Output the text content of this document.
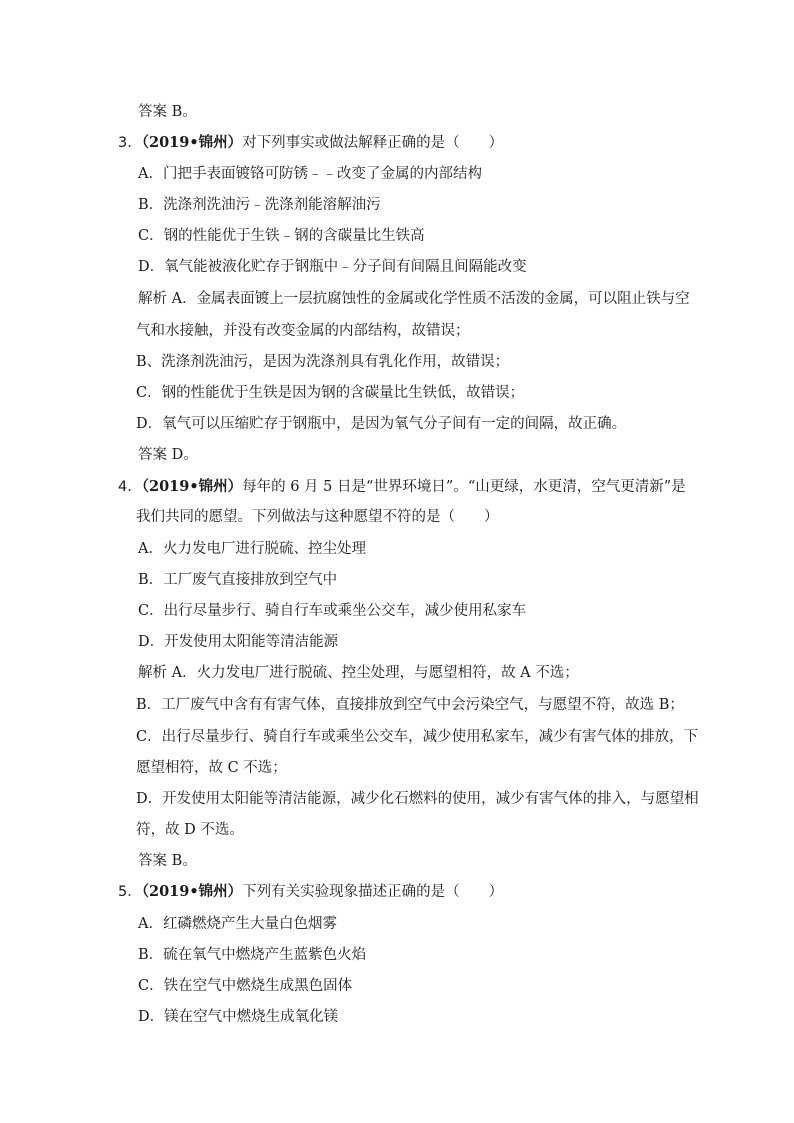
答案 B。
3．（2019•锦州）对下列事实或做法解释正确的是（　　）
A．门把手表面镀铬可防锈﹣﹣改变了金属的内部结构
B．洗涤剂洗油污﹣洗涤剂能溶解油污
C．钢的性能优于生铁﹣钢的含碳量比生铁高
D．氧气能被液化贮存于钢瓶中﹣分子间有间隔且间隔能改变
解析 A．金属表面镀上一层抗腐蚀性的金属或化学性质不活泼的金属，可以阻止铁与空
气和水接触，并没有改变金属的内部结构，故错误；
B、洗涤剂洗油污，是因为洗涤剂具有乳化作用，故错误；
C．钢的性能优于生铁是因为钢的含碳量比生铁低，故错误；
D．氧气可以压缩贮存于钢瓶中，是因为氧气分子间有一定的间隔，故正确。
答案 D。
4．（2019•锦州）每年的 6 月 5 日是“世界环境日”。“山更绿，水更清，空气更清新”是
我们共同的愿望。下列做法与这种愿望不符的是（　　）
A．火力发电厂进行脱硫、控尘处理
B．工厂废气直接排放到空气中
C．出行尽量步行、骑自行车或乘坐公交车，减少使用私家车
D．开发使用太阳能等清洁能源
解析 A．火力发电厂进行脱硫、控尘处理，与愿望相符，故 A 不选；
B．工厂废气中含有有害气体，直接排放到空气中会污染空气，与愿望不符，故选 B；
C．出行尽量步行、骑自行车或乘坐公交车，减少使用私家车，减少有害气体的排放，下
愿望相符，故 C 不选；
D．开发使用太阳能等清洁能源，减少化石燃料的使用，减少有害气体的排入，与愿望相
符，故 D 不选。
答案 B。
5．（2019•锦州）下列有关实验现象描述正确的是（　　）
A．红磷燃烧产生大量白色烟雾
B．硫在氧气中燃烧产生蓝紫色火焰
C．铁在空气中燃烧生成黑色固体
D．镁在空气中燃烧生成氧化镁
